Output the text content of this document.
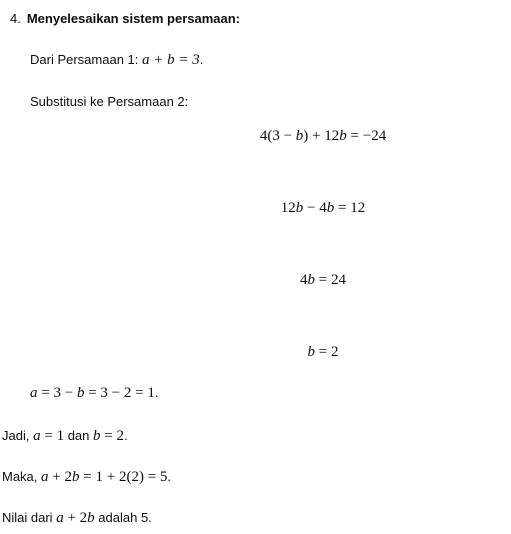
4. Menyelesaikan sistem persamaan:
Dari Persamaan 1: a + b = 3.
Substitusi ke Persamaan 2:
4(3 − b) + 12b = −24
12b − 4b = 12
4b = 24
b = 2
a = 3 − b = 3 − 2 = 1.
Jadi, a = 1 dan b = 2.
Maka, a + 2b = 1 + 2(2) = 5.
Nilai dari a + 2b adalah 5.
